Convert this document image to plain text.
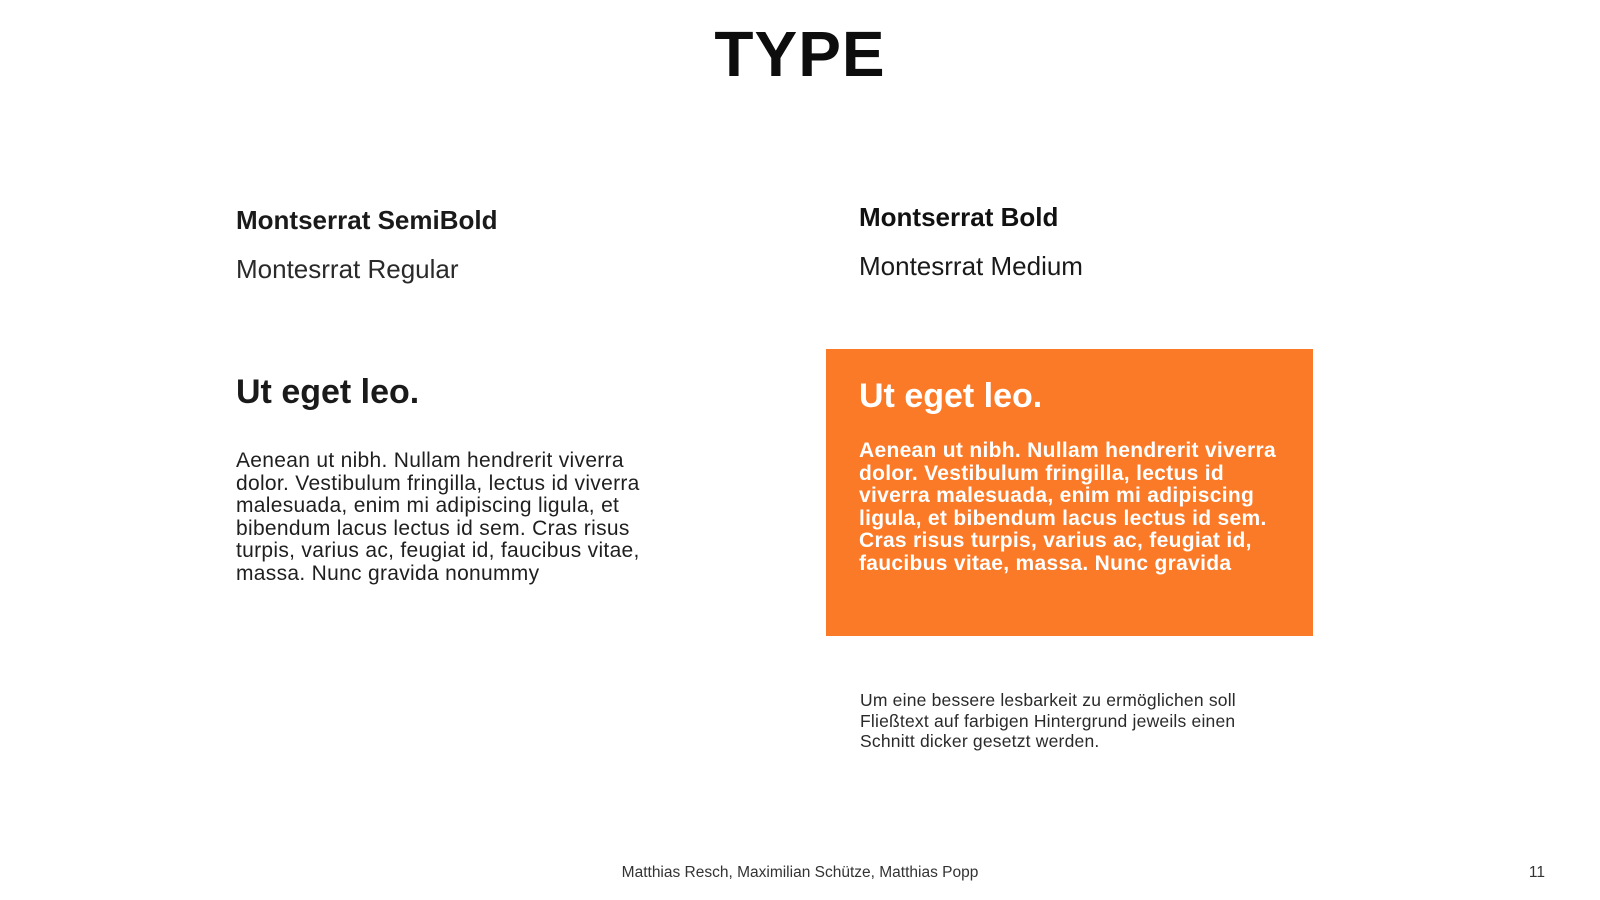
TYPE

Montserrat SemiBold

Montesrrat Regular

Ut eget leo.

Aenean ut nibh. Nullam hendrerit viverra dolor. Vestibulum fringilla, lectus id viverra malesuada, enim mi adipiscing ligula, et bibendum lacus lectus id sem. Cras risus turpis, varius ac, feugiat id, faucibus vitae, massa. Nunc gravida nonummy

Montserrat Bold

Montesrrat Medium

Ut eget leo.

Aenean ut nibh. Nullam hendrerit viverra dolor. Vestibulum fringilla, lectus id viverra malesuada, enim mi adipiscing ligula, et bibendum lacus lectus id sem. Cras risus turpis, varius ac, feugiat id, faucibus vitae, massa. Nunc gravida

Um eine bessere lesbarkeit zu ermöglichen soll Fließtext auf farbigen Hintergrund jeweils einen Schnitt dicker gesetzt werden.

Matthias Resch, Maximilian Schütze, Matthias Popp	11
